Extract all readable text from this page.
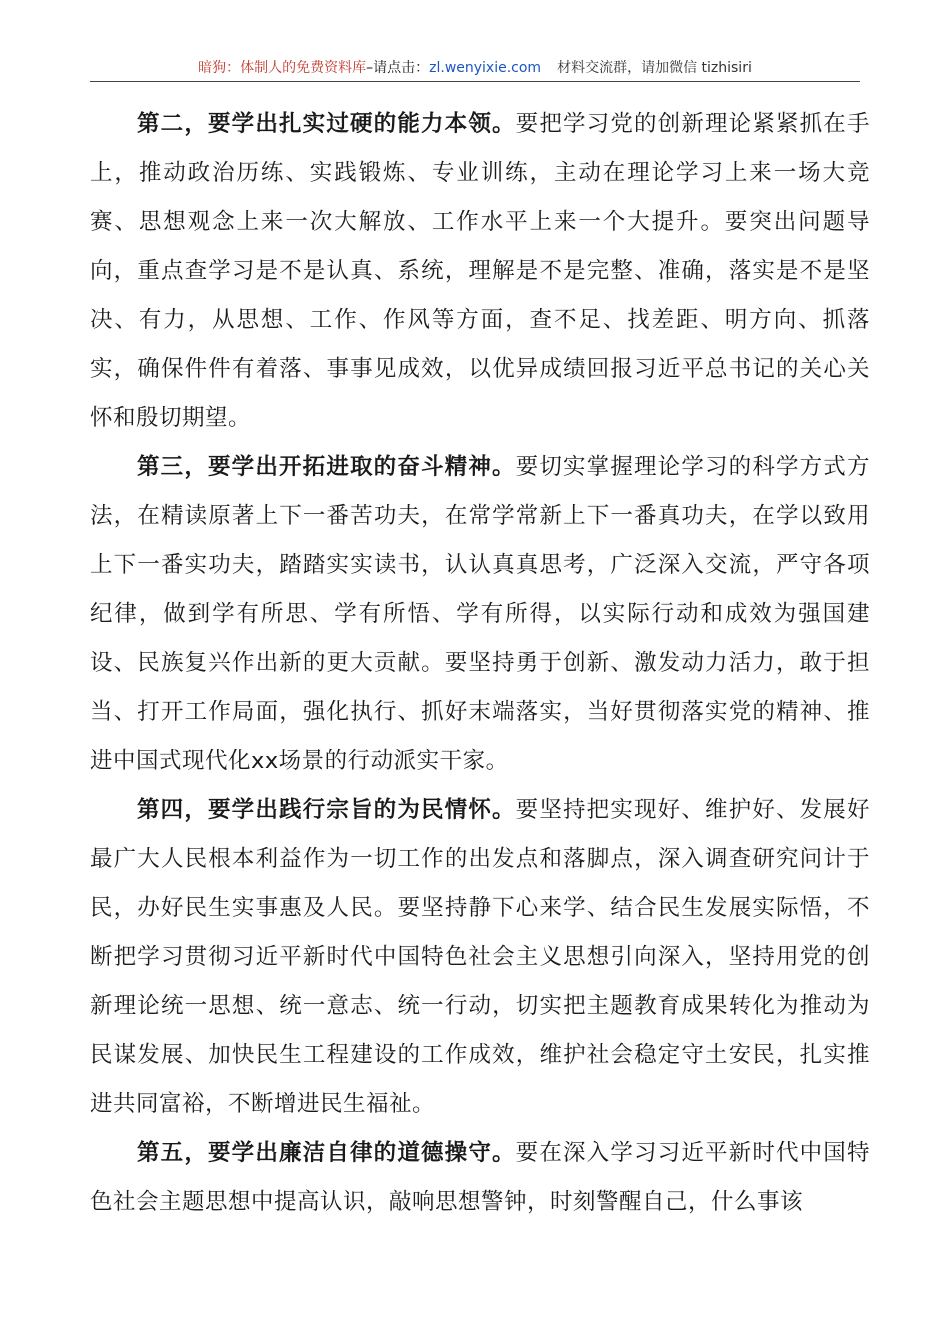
暗狗：体制人的免费资料库–请点击：zl.wenyixie.com 材料交流群，请加微信 tizhisiri

第二，要学出扎实过硬的能力本领。要把学习党的创新理论紧紧抓在手上，推动政治历练、实践锻炼、专业训练，主动在理论学习上来一场大竞赛、思想观念上来一次大解放、工作水平上来一个大提升。要突出问题导向，重点查学习是不是认真、系统，理解是不是完整、准确，落实是不是坚决、有力，从思想、工作、作风等方面，查不足、找差距、明方向、抓落实，确保件件有着落、事事见成效，以优异成绩回报习近平总书记的关心关怀和殷切期望。

第三，要学出开拓进取的奋斗精神。要切实掌握理论学习的科学方式方法，在精读原著上下一番苦功夫，在常学常新上下一番真功夫，在学以致用上下一番实功夫，踏踏实实读书，认认真真思考，广泛深入交流，严守各项纪律，做到学有所思、学有所悟、学有所得，以实际行动和成效为强国建设、民族复兴作出新的更大贡献。要坚持勇于创新、激发动力活力，敢于担当、打开工作局面，强化执行、抓好末端落实，当好贯彻落实党的精神、推进中国式现代化xx场景的行动派实干家。

第四，要学出践行宗旨的为民情怀。要坚持把实现好、维护好、发展好最广大人民根本利益作为一切工作的出发点和落脚点，深入调查研究问计于民，办好民生实事惠及人民。要坚持静下心来学、结合民生发展实际悟，不断把学习贯彻习近平新时代中国特色社会主义思想引向深入，坚持用党的创新理论统一思想、统一意志、统一行动，切实把主题教育成果转化为推动为民谋发展、加快民生工程建设的工作成效，维护社会稳定守土安民，扎实推进共同富裕，不断增进民生福祉。

第五，要学出廉洁自律的道德操守。要在深入学习习近平新时代中国特色社会主题思想中提高认识，敲响思想警钟，时刻警醒自己，什么事该
